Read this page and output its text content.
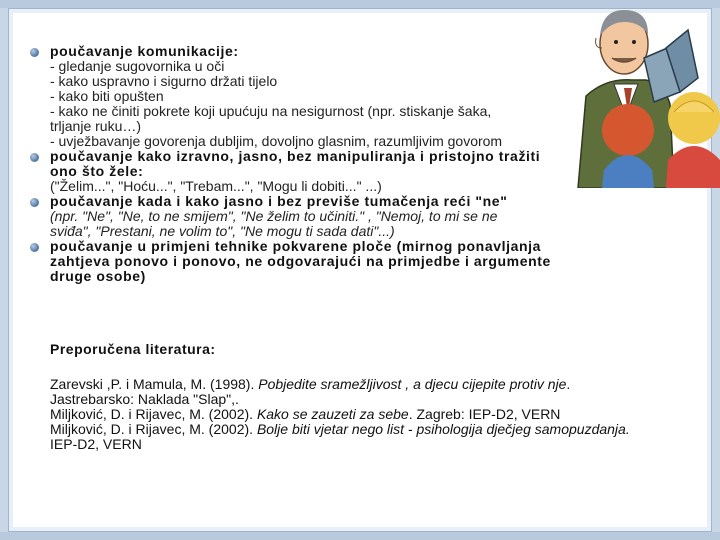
poučavanje komunikacije:
- gledanje sugovornika u oči
- kako uspravno i sigurno držati tijelo
- kako biti opušten
- kako ne činiti pokrete koji upućuju na nesigurnost (npr. stiskanje šaka,
trljanje ruku…)
- uvježbavanje govorenja dubljim, dovoljno glasnim, razumljivim govorom
poučavanje kako izravno, jasno, bez manipuliranja i pristojno tražiti
ono što žele:
("Želim...", "Hoću...", "Trebam...", "Mogu li dobiti..." ...)
poučavanje kada i kako jasno i bez previše tumačenja reći "ne"
(npr. "Ne", "Ne, to ne smijem", "Ne želim to učiniti." , "Nemoj, to mi se ne
sviđa", "Prestani, ne volim to", "Ne mogu ti sada dati"...)
poučavanje u primjeni tehnike pokvarene ploče (mirnog ponavljanja
zahtjeva ponovo i ponovo, ne odgovarajući na primjedbe i argumente
druge osobe)
Preporučena literatura:
Zarevski ,P. i Mamula, M. (1998). Pobjedite sramežljivost , a djecu cijepite protiv nje. Jastrebarsko: Naklada "Slap",.
Miljković, D. i Rijavec, M. (2002). Kako se zauzeti za sebe. Zagreb: IEP-D2, VERN
Miljković, D. i Rijavec, M. (2002). Bolje biti vjetar nego list - psihologija dječjeg samopuzdanja. IEP-D2, VERN
